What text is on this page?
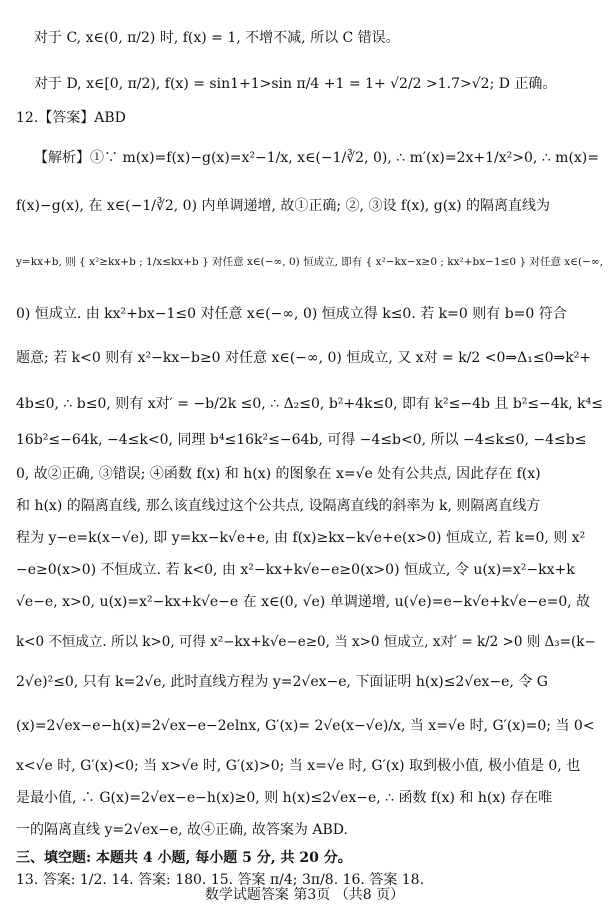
对于 C, x∈(0, π/2) 时, f(x) = 1, 不增不减, 所以 C 错误。
对于 D, x∈[0, π/2), f(x) = sin1+1>sin π/4 +1 = 1+ √2/2 >1.7>√2; D 正确。
12.【答案】ABD
【解析】①∵ m(x)=f(x)−g(x)=x²−1/x, x∈(−1/∛2, 0), ∴ m′(x)=2x+1/x²>0, ∴ m(x)=
f(x)−g(x), 在 x∈(−1/∛2, 0) 内单调递增, 故①正确; ②, ③设 f(x), g(x) 的隔离直线为
y=kx+b, 则 { x²≥kx+b ; 1/x≤kx+b } 对任意 x∈(−∞, 0) 恒成立, 即有 { x²−kx−x≥0 ; kx²+bx−1≤0 } 对任意 x∈(−∞,
0) 恒成立. 由 kx²+bx−1≤0 对任意 x∈(−∞, 0) 恒成立得 k≤0. 若 k=0 则有 b=0 符合
题意; 若 k<0 则有 x²−kx−b≥0 对任意 x∈(−∞, 0) 恒成立, 又 x对 = k/2 <0⇒Δ₁≤0⇒k²+
4b≤0, ∴ b≤0, 则有 x对′ = −b/2k ≤0, ∴ Δ₂≤0, b²+4k≤0, 即有 k²≤−4b 且 b²≤−4k, k⁴≤
16b²≤−64k, −4≤k<0, 同理 b⁴≤16k²≤−64b, 可得 −4≤b<0, 所以 −4≤k≤0, −4≤b≤
0, 故②正确, ③错误; ④函数 f(x) 和 h(x) 的图象在 x=√e 处有公共点, 因此存在 f(x)
和 h(x) 的隔离直线, 那么该直线过这个公共点, 设隔离直线的斜率为 k, 则隔离直线方
程为 y−e=k(x−√e), 即 y=kx−k√e+e, 由 f(x)≥kx−k√e+e(x>0) 恒成立, 若 k=0, 则 x²
−e≥0(x>0) 不恒成立. 若 k<0, 由 x²−kx+k√e−e≥0(x>0) 恒成立, 令 u(x)=x²−kx+k
√e−e, x>0, u(x)=x²−kx+k√e−e 在 x∈(0, √e) 单调递增, u(√e)=e−k√e+k√e−e=0, 故
k<0 不恒成立. 所以 k>0, 可得 x²−kx+k√e−e≥0, 当 x>0 恒成立, x对′ = k/2 >0 则 Δ₃=(k−
2√e)²≤0, 只有 k=2√e, 此时直线方程为 y=2√ex−e, 下面证明 h(x)≤2√ex−e, 令 G
(x)=2√ex−e−h(x)=2√ex−e−2elnx, G′(x)= 2√e(x−√e)/x, 当 x=√e 时, G′(x)=0; 当 0<
x<√e 时, G′(x)<0; 当 x>√e 时, G′(x)>0; 当 x=√e 时, G′(x) 取到极小值, 极小值是 0, 也
是最小值, ∴ G(x)=2√ex−e−h(x)≥0, 则 h(x)≤2√ex−e, ∴ 函数 f(x) 和 h(x) 存在唯
一的隔离直线 y=2√ex−e, 故④正确, 故答案为 ABD.
三、填空题: 本题共 4 小题, 每小题 5 分, 共 20 分。
13. 答案: 1/2. 14. 答案: 180. 15. 答案 π/4; 3π/8. 16. 答案 18.
数学试题答案 第3页 （共8 页）
